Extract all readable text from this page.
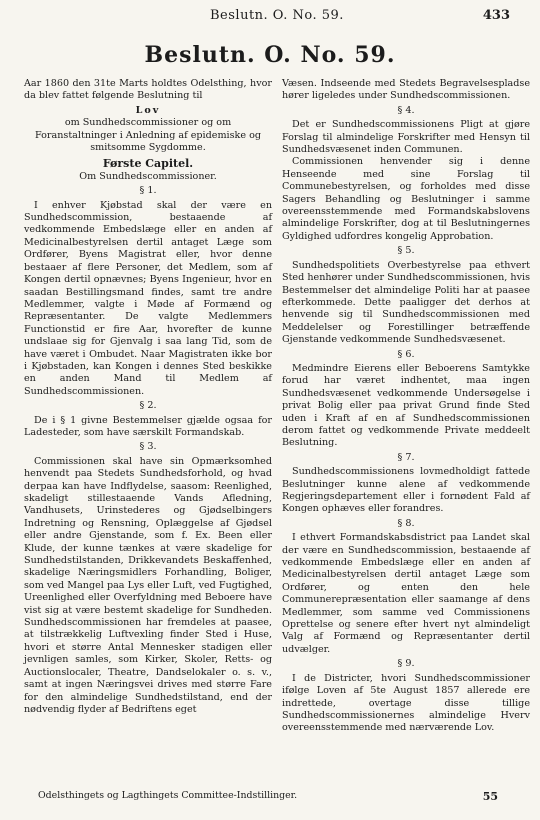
Beslutn. O. No. 59.	433
Beslutn. O. No. 59.

Aar 1860 den 31te Marts holdtes Odelsthing, hvor da blev fattet følgende Beslutning til

Lov

om Sundhedscommissioner og om Foranstaltninger i Anledning af epidemiske og smitsomme Sygdomme.

Første Capitel.

Om Sundhedscommissioner.

§ 1.

I enhver Kjøbstad skal der være en Sundhedscommission, bestaaende af vedkommende Embedslæge eller en anden af Medicinalbestyrelsen dertil antaget Læge som Ordfører, Byens Magistrat eller, hvor denne bestaaer af flere Personer, det Medlem, som af Kongen dertil opnævnes; Byens Ingenieur, hvor en saadan Bestillingsmand findes, samt tre andre Medlemmer, valgte i Møde af Formænd og Repræsentanter. De valgte Medlemmers Functionstid er fire Aar, hvorefter de kunne undslaae sig for Gjenvalg i saa lang Tid, som de have været i Ombudet. Naar Magistraten ikke bor i Kjøbstaden, kan Kongen i dennes Sted beskikke en anden Mand til Medlem af Sundhedscommissionen.

§ 2.

De i § 1 givne Bestemmelser gjælde ogsaa for Ladesteder, som have særskilt Formandskab.

§ 3.

Commissionen skal have sin Opmærksomhed henvendt paa Stedets Sundhedsforhold, og hvad derpaa kan have Indflydelse, saasom: Reenlighed, skadeligt stillestaaende Vands Afledning, Vandhusets, Urinstederes og Gjødselbingers Indretning og Rensning, Oplæggelse af Gjødsel eller andre Gjenstande, som f. Ex. Been eller Klude, der kunne tænkes at være skadelige for Sundhedstilstanden, Drikkevandets Beskaffenhed, skadelige Næringsmidlers Forhandling, Boliger, som ved Mangel paa Lys eller Luft, ved Fugtighed, Ureenlighed eller Overfyldning med Beboere have vist sig at være bestemt skadelige for Sundheden. Sundhedscommissionen har fremdeles at paasee, at tilstrækkelig Luftvexling finder Sted i Huse, hvori et større Antal Mennesker stadigen eller jevnligen samles, som Kirker, Skoler, Retts- og Auctionslocaler, Theatre, Dandselokaler o. s. v., samt at ingen Næringsvei drives med større Fare for den almindelige Sundhedstilstand, end der nødvendig flyder af Bedriftens eget

Væsen. Indseende med Stedets Begravelsespladse hører ligeledes under Sundhedscommissionen.

§ 4.

Det er Sundhedscommissionens Pligt at gjøre Forslag til almindelige Forskrifter med Hensyn til Sundhedsvæsenet inden Communen.

Commissionen henvender sig i denne Henseende med sine Forslag til Communebestyrelsen, og forholdes med disse Sagers Behandling og Beslutninger i samme overeensstemmende med Formandskabslovens almindelige Forskrifter, dog at til Beslutningernes Gyldighed udfordres kongelig Approbation.

§ 5.

Sundhedspolitiets Overbestyrelse paa ethvert Sted henhører under Sundhedscommissionen, hvis Bestemmelser det almindelige Politi har at paasee efterkommede. Dette paaligger det derhos at henvende sig til Sundhedscommissionen med Meddelelser og Forestillinger betræffende Gjenstande vedkommende Sundhedsvæsenet.

§ 6.

Medmindre Eierens eller Beboerens Samtykke forud har været indhentet, maa ingen Sundhedsvæsenet vedkommende Undersøgelse i privat Bolig eller paa privat Grund finde Sted uden i Kraft af en af Sundhedscommissionen derom fattet og vedkommende Private meddeelt Beslutning.

§ 7.

Sundhedscommissionens lovmedholdigt fattede Beslutninger kunne alene af vedkommende Regjeringsdepartement eller i fornødent Fald af Kongen ophæves eller forandres.

§ 8.

I ethvert Formandskabsdistrict paa Landet skal der være en Sundhedscommission, bestaaende af vedkommende Embedslæge eller en anden af Medicinalbestyrelsen dertil antaget Læge som Ordfører, og enten den hele Communerepræsentation eller saamange af dens Medlemmer, som samme ved Commissionens Oprettelse og senere efter hvert nyt almindeligt Valg af Formænd og Repræsentanter dertil udvælger.

§ 9.

I de Districter, hvori Sundhedscommissioner ifølge Loven af 5te August 1857 allerede ere indrettede, overtage disse tillige Sundhedscommissionernes almindelige Hverv overeensstemmende med nærværende Lov.

Odelsthingets og Lagthingets Committee-Indstillinger.	55
